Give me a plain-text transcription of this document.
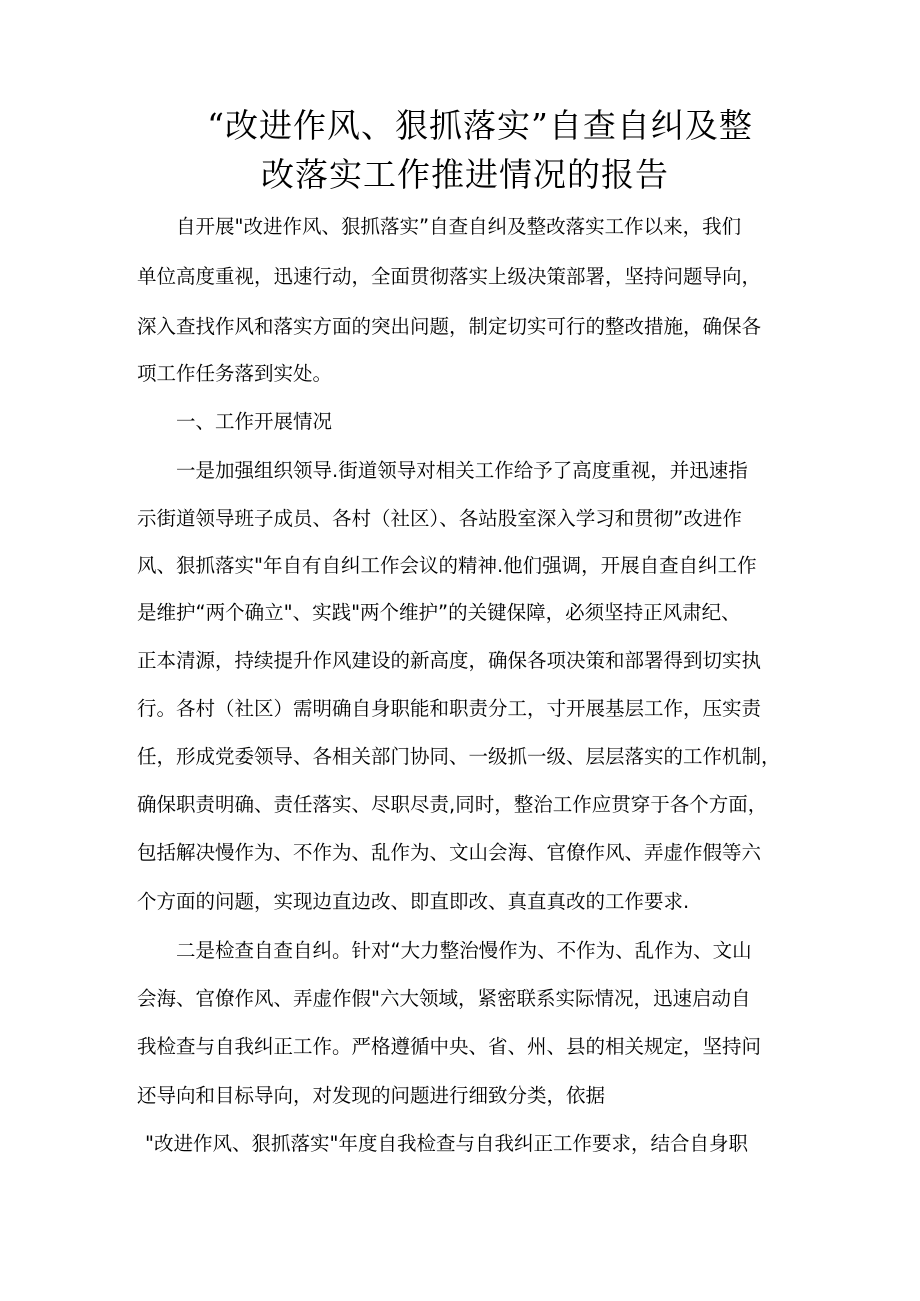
“改进作风、狠抓落实”自查自纠及整
改落实工作推进情况的报告
自开展"改进作风、狠抓落实”自查自纠及整改落实工作以来，我们
单位高度重视，迅速行动，全面贯彻落实上级决策部署，坚持问题导向，
深入查找作风和落实方面的突出问题，制定切实可行的整改措施，确保各
项工作任务落到实处。
一、工作开展情况
一是加强组织领导.街道领导对相关工作给予了高度重视，并迅速指
示街道领导班子成员、各村（社区）、各站股室深入学习和贯彻”改进作
风、狠抓落实"年自有自纠工作会议的精神.他们强调，开展自查自纠工作
是维护“两个确立"、实践"两个维护”的关键保障，必须坚持正风肃纪、
正本清源，持续提升作风建设的新高度，确保各项决策和部署得到切实执
行。各村（社区）需明确自身职能和职责分工，寸开展基层工作，压实责
任，形成党委领导、各相关部门协同、一级抓一级、层层落实的工作机制，
确保职责明确、责任落实、尽职尽责,同时，整治工作应贯穿于各个方面，
包括解决慢作为、不作为、乱作为、文山会海、官僚作风、弄虚作假等六
个方面的问题，实现边直边改、即直即改、真直真改的工作要求.
二是检查自查自纠。针对“大力整治慢作为、不作为、乱作为、文山
会海、官僚作风、弄虚作假"六大领域，紧密联系实际情况，迅速启动自
我检查与自我纠正工作。严格遵循中央、省、州、县的相关规定，坚持问
还导向和目标导向，对发现的问题进行细致分类，依据
"改进作风、狠抓落实"年度自我检查与自我纠正工作要求，结合自身职
